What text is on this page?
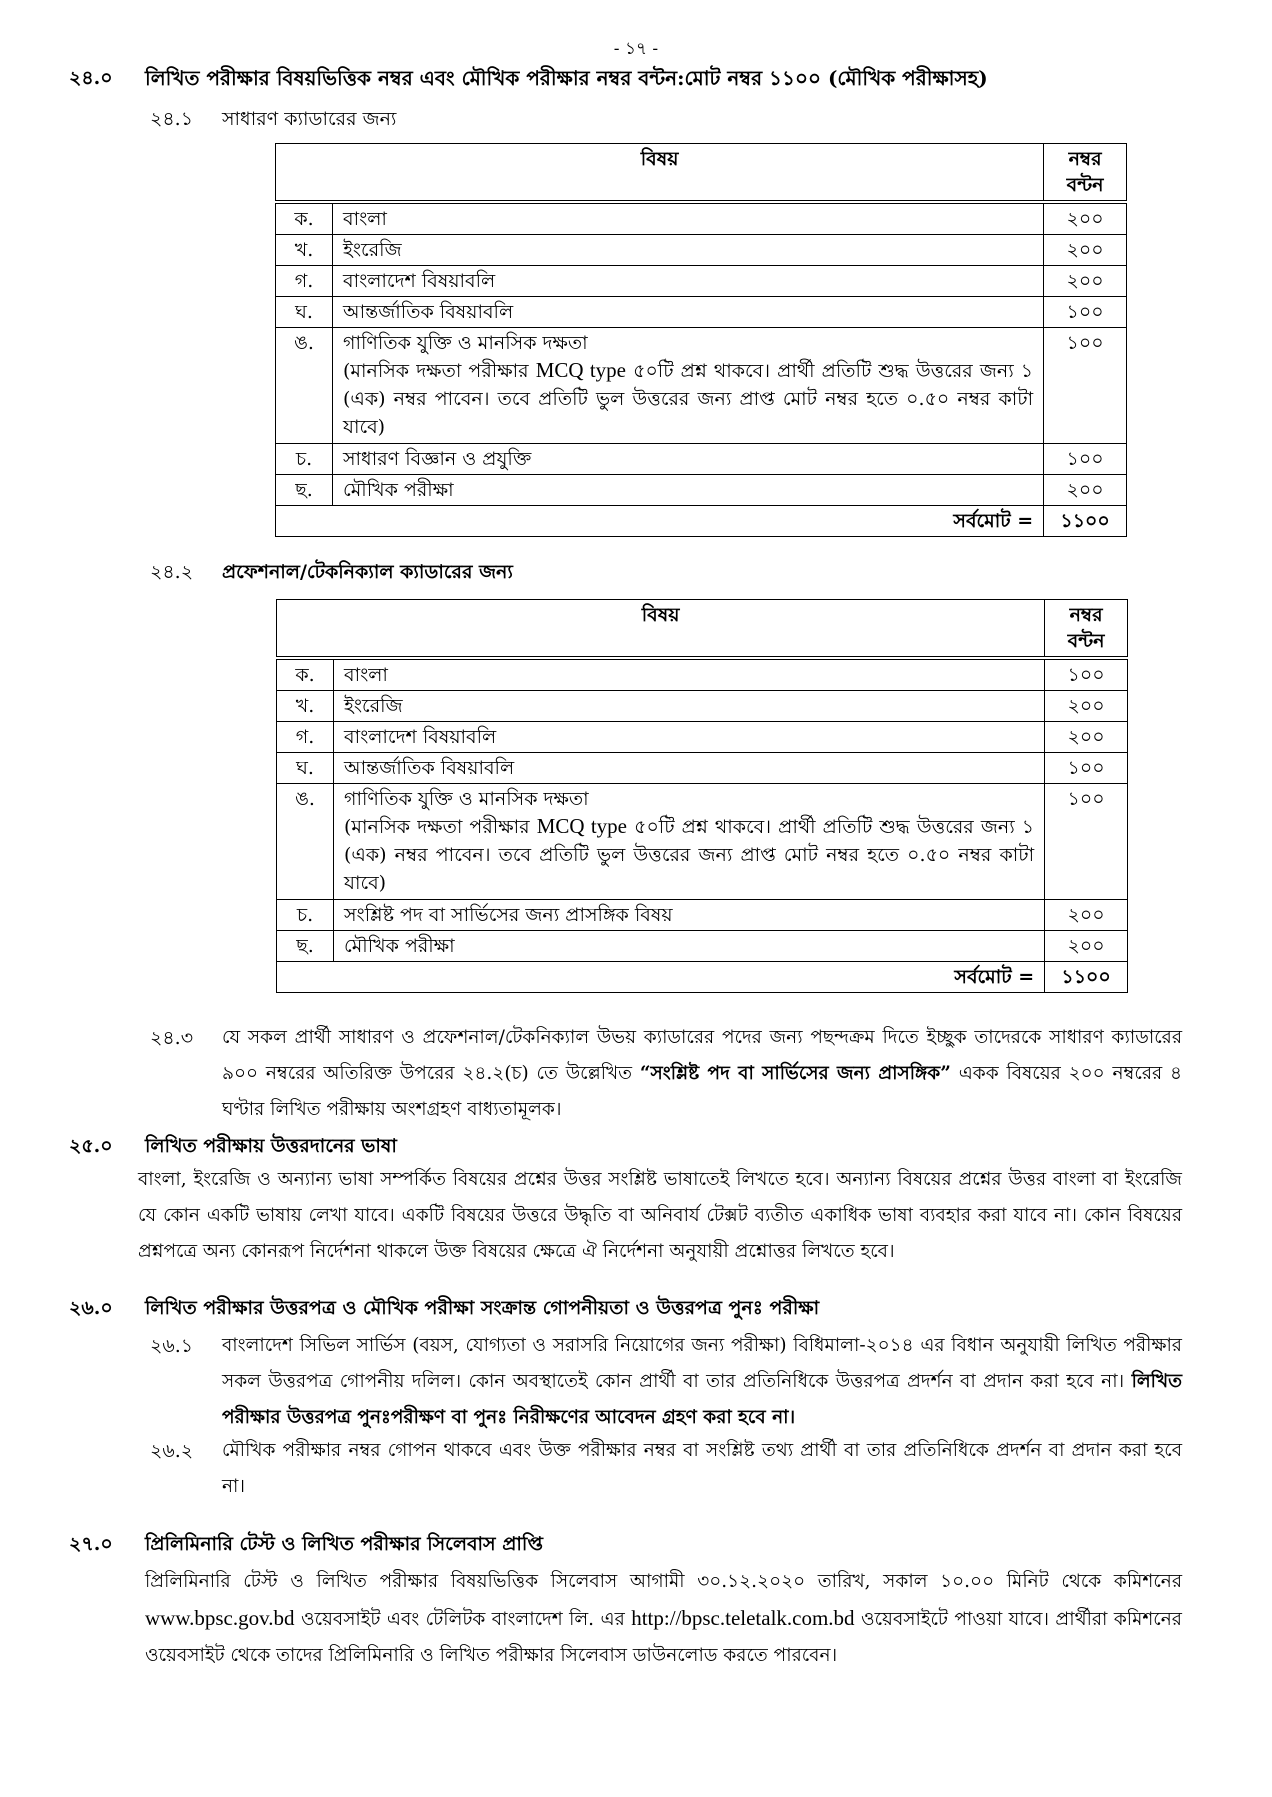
- ১৭ -
২৪.০ লিখিত পরীক্ষার বিষয়ভিত্তিক নম্বর এবং মৌখিক পরীক্ষার নম্বর বন্টন:মোট নম্বর ১১০০ (মৌখিক পরীক্ষাসহ)
২৪.১ সাধারণ ক্যাডারের জন্য
বিষয়		নম্বর বন্টন
ক.	বাংলা	২০০
খ.	ইংরেজি	২০০
গ.	বাংলাদেশ বিষয়াবলি	২০০
ঘ.	আন্তর্জাতিক বিষয়াবলি	১০০
ঙ.	গাণিতিক যুক্তি ও মানসিক দক্ষতা
(মানসিক দক্ষতা পরীক্ষার MCQ type ৫০টি প্রশ্ন থাকবে। প্রার্থী প্রতিটি শুদ্ধ উত্তরের জন্য ১ (এক) নম্বর পাবেন। তবে প্রতিটি ভুল উত্তরের জন্য প্রাপ্ত মোট নম্বর হতে ০.৫০ নম্বর কাটা যাবে)	১০০
চ.	সাধারণ বিজ্ঞান ও প্রযুক্তি	১০০
ছ.	মৌখিক পরীক্ষা	২০০
সর্বমোট =		১১০০
২৪.২ প্রফেশনাল/টেকনিক্যাল ক্যাডারের জন্য
বিষয়		নম্বর বন্টন
ক.	বাংলা	১০০
খ.	ইংরেজি	২০০
গ.	বাংলাদেশ বিষয়াবলি	২০০
ঘ.	আন্তর্জাতিক বিষয়াবলি	১০০
ঙ.	গাণিতিক যুক্তি ও মানসিক দক্ষতা
(মানসিক দক্ষতা পরীক্ষার MCQ type ৫০টি প্রশ্ন থাকবে। প্রার্থী প্রতিটি শুদ্ধ উত্তরের জন্য ১ (এক) নম্বর পাবেন। তবে প্রতিটি ভুল উত্তরের জন্য প্রাপ্ত মোট নম্বর হতে ০.৫০ নম্বর কাটা যাবে)	১০০
চ.	সংশ্লিষ্ট পদ বা সার্ভিসের জন্য প্রাসঙ্গিক বিষয়	২০০
ছ.	মৌখিক পরীক্ষা	২০০
সর্বমোট =		১১০০
২৪.৩ যে সকল প্রার্থী সাধারণ ও প্রফেশনাল/টেকনিক্যাল উভয় ক্যাডারের পদের জন্য পছন্দক্রম দিতে ইচ্ছুক তাদেরকে সাধারণ ক্যাডারের ৯০০ নম্বরের অতিরিক্ত উপরের ২৪.২(চ) তে উল্লেখিত “সংশ্লিষ্ট পদ বা সার্ভিসের জন্য প্রাসঙ্গিক” একক বিষয়ের ২০০ নম্বরের ৪ ঘণ্টার লিখিত পরীক্ষায় অংশগ্রহণ বাধ্যতামূলক।
২৫.০ লিখিত পরীক্ষায় উত্তরদানের ভাষা
বাংলা, ইংরেজি ও অন্যান্য ভাষা সম্পর্কিত বিষয়ের প্রশ্নের উত্তর সংশ্লিষ্ট ভাষাতেই লিখতে হবে। অন্যান্য বিষয়ের প্রশ্নের উত্তর বাংলা বা ইংরেজি যে কোন একটি ভাষায় লেখা যাবে। একটি বিষয়ের উত্তরে উদ্ধৃতি বা অনিবার্য টেক্সট ব্যতীত একাধিক ভাষা ব্যবহার করা যাবে না। কোন বিষয়ের প্রশ্নপত্রে অন্য কোনরূপ নির্দেশনা থাকলে উক্ত বিষয়ের ক্ষেত্রে ঐ নির্দেশনা অনুযায়ী প্রশ্নোত্তর লিখতে হবে।
২৬.০ লিখিত পরীক্ষার উত্তরপত্র ও মৌখিক পরীক্ষা সংক্রান্ত গোপনীয়তা ও উত্তরপত্র পুনঃ পরীক্ষা
২৬.১ বাংলাদেশ সিভিল সার্ভিস (বয়স, যোগ্যতা ও সরাসরি নিয়োগের জন্য পরীক্ষা) বিধিমালা-২০১৪ এর বিধান অনুযায়ী লিখিত পরীক্ষার সকল উত্তরপত্র গোপনীয় দলিল। কোন অবস্থাতেই কোন প্রার্থী বা তার প্রতিনিধিকে উত্তরপত্র প্রদর্শন বা প্রদান করা হবে না। লিখিত পরীক্ষার উত্তরপত্র পুনঃপরীক্ষণ বা পুনঃ নিরীক্ষণের আবেদন গ্রহণ করা হবে না।
২৬.২ মৌখিক পরীক্ষার নম্বর গোপন থাকবে এবং উক্ত পরীক্ষার নম্বর বা সংশ্লিষ্ট তথ্য প্রার্থী বা তার প্রতিনিধিকে প্রদর্শন বা প্রদান করা হবে না।
২৭.০ প্রিলিমিনারি টেস্ট ও লিখিত পরীক্ষার সিলেবাস প্রাপ্তি
প্রিলিমিনারি টেস্ট ও লিখিত পরীক্ষার বিষয়ভিত্তিক সিলেবাস আগামী ৩০.১২.২০২০ তারিখ, সকাল ১০.০০ মিনিট থেকে কমিশনের www.bpsc.gov.bd ওয়েবসাইট এবং টেলিটক বাংলাদেশ লি. এর http://bpsc.teletalk.com.bd ওয়েবসাইটে পাওয়া যাবে। প্রার্থীরা কমিশনের ওয়েবসাইট থেকে তাদের প্রিলিমিনারি ও লিখিত পরীক্ষার সিলেবাস ডাউনলোড করতে পারবেন।
